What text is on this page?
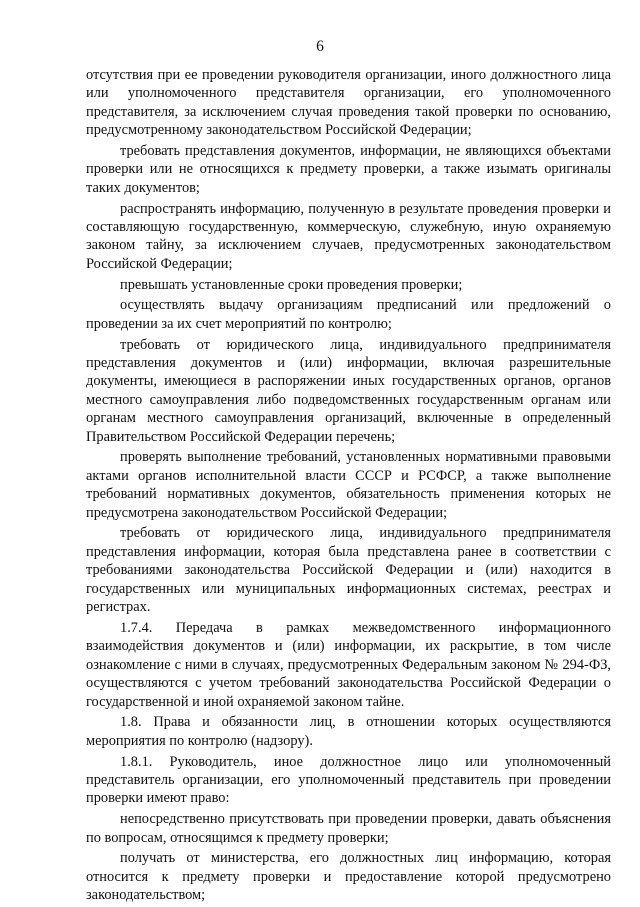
6

отсутствия при ее проведении руководителя организации, иного должностного лица или уполномоченного представителя организации, его уполномоченного представителя, за исключением случая проведения такой проверки по основанию, предусмотренному законодательством Российской Федерации;

требовать представления документов, информации, не являющихся объектами проверки или не относящихся к предмету проверки, а также изымать оригиналы таких документов;

распространять информацию, полученную в результате проведения проверки и составляющую государственную, коммерческую, служебную, иную охраняемую законом тайну, за исключением случаев, предусмотренных законодательством Российской Федерации;

превышать установленные сроки проведения проверки;

осуществлять выдачу организациям предписаний или предложений о проведении за их счет мероприятий по контролю;

требовать от юридического лица, индивидуального предпринимателя представления документов и (или) информации, включая разрешительные документы, имеющиеся в распоряжении иных государственных органов, органов местного самоуправления либо подведомственных государственным органам или органам местного самоуправления организаций, включенные в определенный Правительством Российской Федерации перечень;

проверять выполнение требований, установленных нормативными правовыми актами органов исполнительной власти СССР и РСФСР, а также выполнение требований нормативных документов, обязательность применения которых не предусмотрена законодательством Российской Федерации;

требовать от юридического лица, индивидуального предпринимателя представления информации, которая была представлена ранее в соответствии с требованиями законодательства Российской Федерации и (или) находится в государственных или муниципальных информационных системах, реестрах и регистрах.

1.7.4. Передача в рамках межведомственного информационного взаимодействия документов и (или) информации, их раскрытие, в том числе ознакомление с ними в случаях, предусмотренных Федеральным законом № 294-ФЗ, осуществляются с учетом требований законодательства Российской Федерации о государственной и иной охраняемой законом тайне.

1.8. Права и обязанности лиц, в отношении которых осуществляются мероприятия по контролю (надзору).

1.8.1. Руководитель, иное должностное лицо или уполномоченный представитель организации, его уполномоченный представитель при проведении проверки имеют право:

непосредственно присутствовать при проведении проверки, давать объяснения по вопросам, относящимся к предмету проверки;

получать от министерства, его должностных лиц информацию, которая относится к предмету проверки и предоставление которой предусмотрено законодательством;
